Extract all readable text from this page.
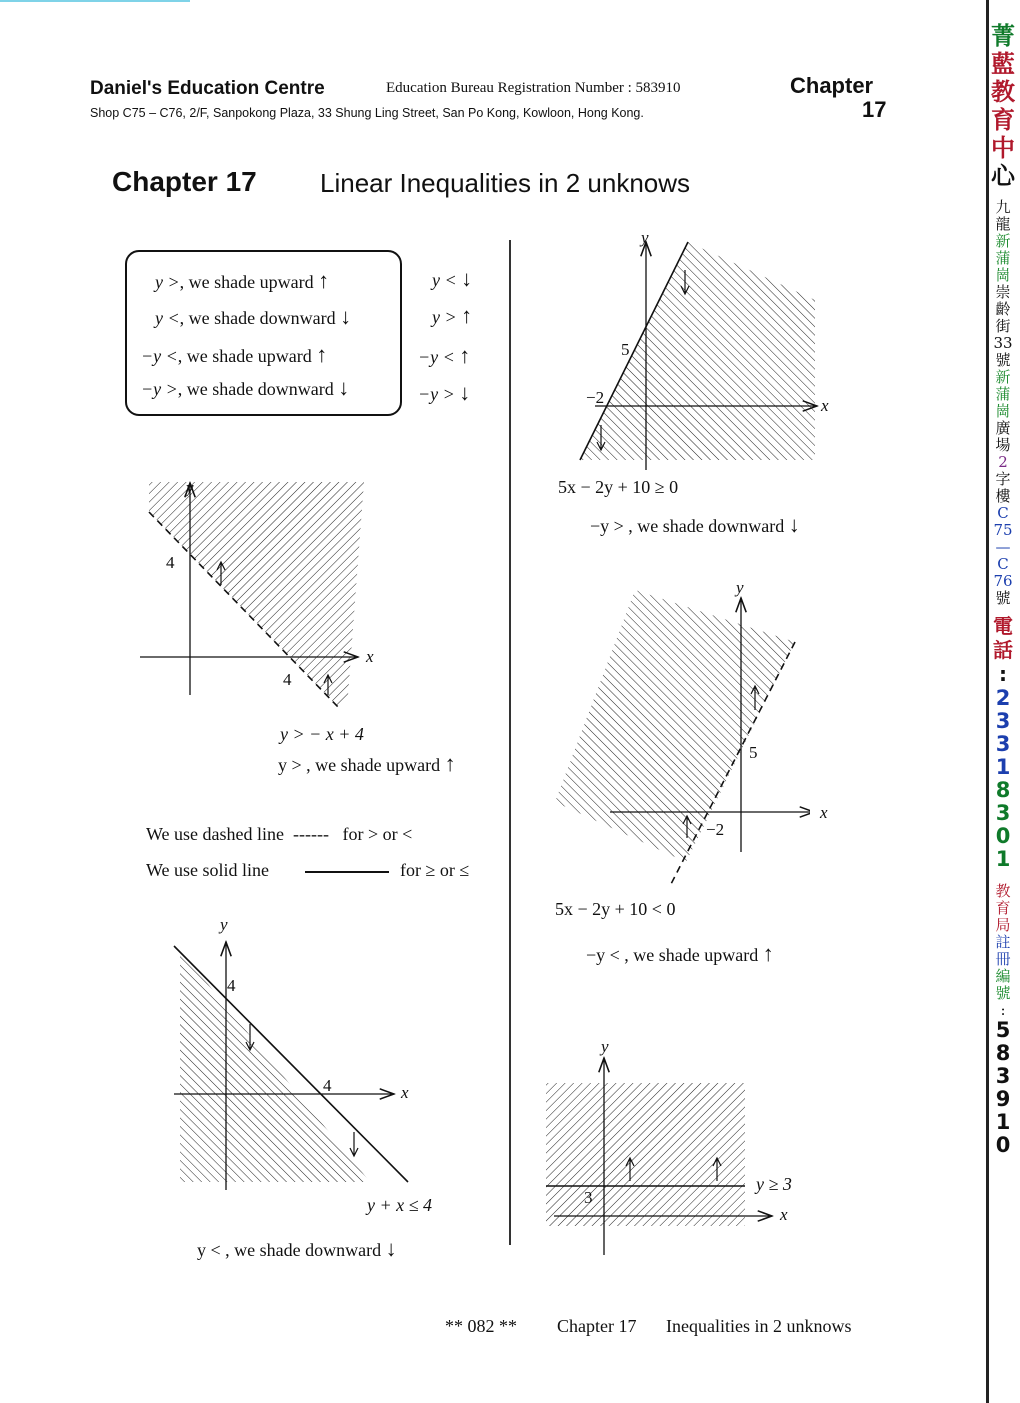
Daniel's Education Centre	Education Bureau Registration Number : 583910
Shop C75 – C76, 2/F, Sanpokong Plaza, 33 Shung Ling Street, San Po Kong, Kowloon, Hong Kong.
Chapter
17
Chapter 17 Linear Inequalities in 2 unknows
y >, we shade upward ↑
y <, we shade downward ↓
−y <, we shade upward ↑
−y >, we shade downward ↓
y < ↓
y > ↑
−y < ↑
−y > ↓
y
x
4
4
y > − x + 4
y > , we shade upward ↑
We use dashed line ------ for > or <
We use solid line	for ≥ or ≤
y
x
4
4
y + x ≤ 4
y < , we shade downward ↓
y
x
5
−2
5x − 2y + 10 ≥ 0
−y > , we shade downward ↓
y
x
5
−2
5x − 2y + 10 < 0
−y < , we shade upward ↑
y
x
3
y ≥ 3
** 082 ** Chapter 17 Inequalities in 2 unknows
菁
藍
教
育
中
心
九
龍
新
蒲
崗
崇
齡
街
33
號
新
蒲
崗
廣
場
2
字
樓
C
75
—
C
76
號
電
話
:
2
3
3
1
8
3
0
1
教
育
局
註
冊
編
號
:
5
8
3
9
1
0
